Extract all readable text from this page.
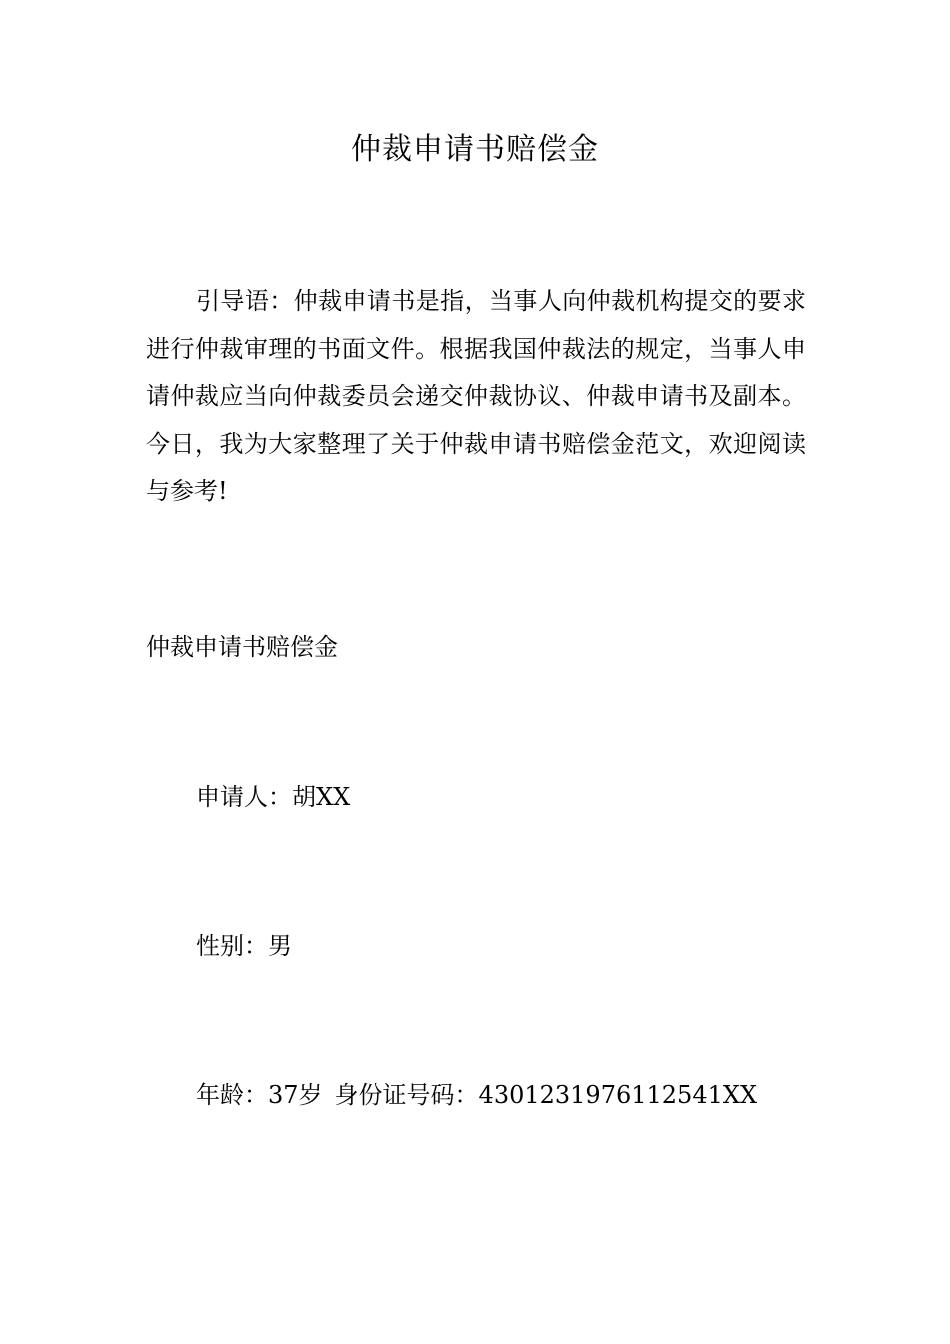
仲裁申请书赔偿金

引导语：仲裁申请书是指，当事人向仲裁机构提交的要求进行仲裁审理的书面文件。根据我国仲裁法的规定，当事人申请仲裁应当向仲裁委员会递交仲裁协议、仲裁申请书及副本。今日，我为大家整理了关于仲裁申请书赔偿金范文，欢迎阅读与参考!

仲裁申请书赔偿金

申请人：胡XX

性别：男

年龄：37岁 身份证号码：4301231976112541XX
